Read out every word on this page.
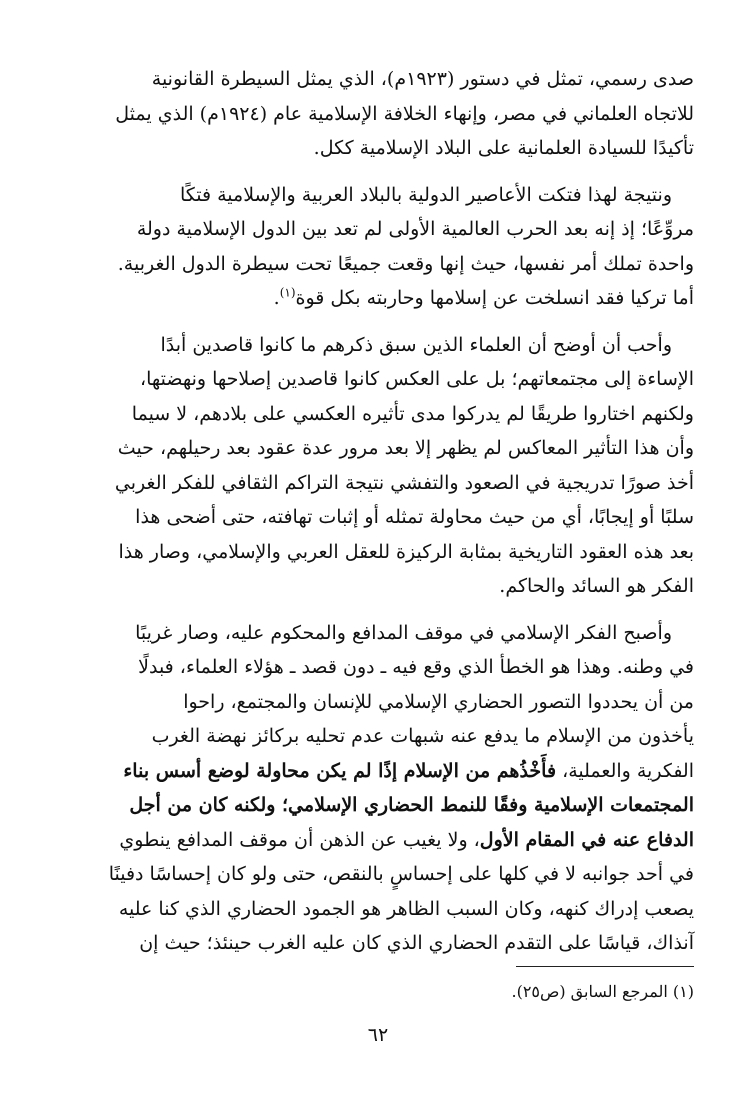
صدى رسمي، تمثل في دستور (١٩٢٣م)، الذي يمثل السيطرة القانونية
للاتجاه العلماني في مصر، وإنهاء الخلافة الإسلامية عام (١٩٢٤م) الذي يمثل
تأكيدًا للسيادة العلمانية على البلاد الإسلامية ككل.

ونتيجة لهذا فتكت الأعاصير الدولية بالبلاد العربية والإسلامية فتكًا
مروِّعًا؛ إذ إنه بعد الحرب العالمية الأولى لم تعد بين الدول الإسلامية دولة
واحدة تملك أمر نفسها، حيث إنها وقعت جميعًا تحت سيطرة الدول الغربية.
أما تركيا فقد انسلخت عن إسلامها وحاربته بكل قوة$^{(١)}$.

وأحب أن أوضح أن العلماء الذين سبق ذكرهم ما كانوا قاصدين أبدًا
الإساءة إلى مجتمعاتهم؛ بل على العكس كانوا قاصدين إصلاحها ونهضتها،
ولكنهم اختاروا طريقًا لم يدركوا مدى تأثيره العكسي على بلادهم، لا سيما
وأن هذا التأثير المعاكس لم يظهر إلا بعد مرور عدة عقود بعد رحيلهم، حيث
أخذ صورًا تدريجية في الصعود والتفشي نتيجة التراكم الثقافي للفكر الغربي
سلبًا أو إيجابًا، أي من حيث محاولة تمثله أو إثبات تهافته، حتى أضحى هذا
بعد هذه العقود التاريخية بمثابة الركيزة للعقل العربي والإسلامي، وصار هذا
الفكر هو السائد والحاكم.

وأصبح الفكر الإسلامي في موقف المدافع والمحكوم عليه، وصار غريبًا
في وطنه. وهذا هو الخطأ الذي وقع فيه ـ دون قصد ـ هؤلاء العلماء، فبدلًا
من أن يحددوا التصور الحضاري الإسلامي للإنسان والمجتمع، راحوا
يأخذون من الإسلام ما يدفع عنه شبهات عدم تحليه بركائز نهضة الغرب
الفكرية والعملية، فأَخْذُهم من الإسلام إذًا لم يكن محاولة لوضع أسس بناء
المجتمعات الإسلامية وفقًا للنمط الحضاري الإسلامي؛ ولكنه كان من أجل
الدفاع عنه في المقام الأول، ولا يغيب عن الذهن أن موقف المدافع ينطوي
في أحد جوانبه لا في كلها على إحساسٍ بالنقص، حتى ولو كان إحساسًا دفينًا
يصعب إدراك كنهه، وكان السبب الظاهر هو الجمود الحضاري الذي كنا عليه
آنذاك، قياسًا على التقدم الحضاري الذي كان عليه الغرب حينئذ؛ حيث إن

(١) المرجع السابق (ص٢٥).
٦٢
